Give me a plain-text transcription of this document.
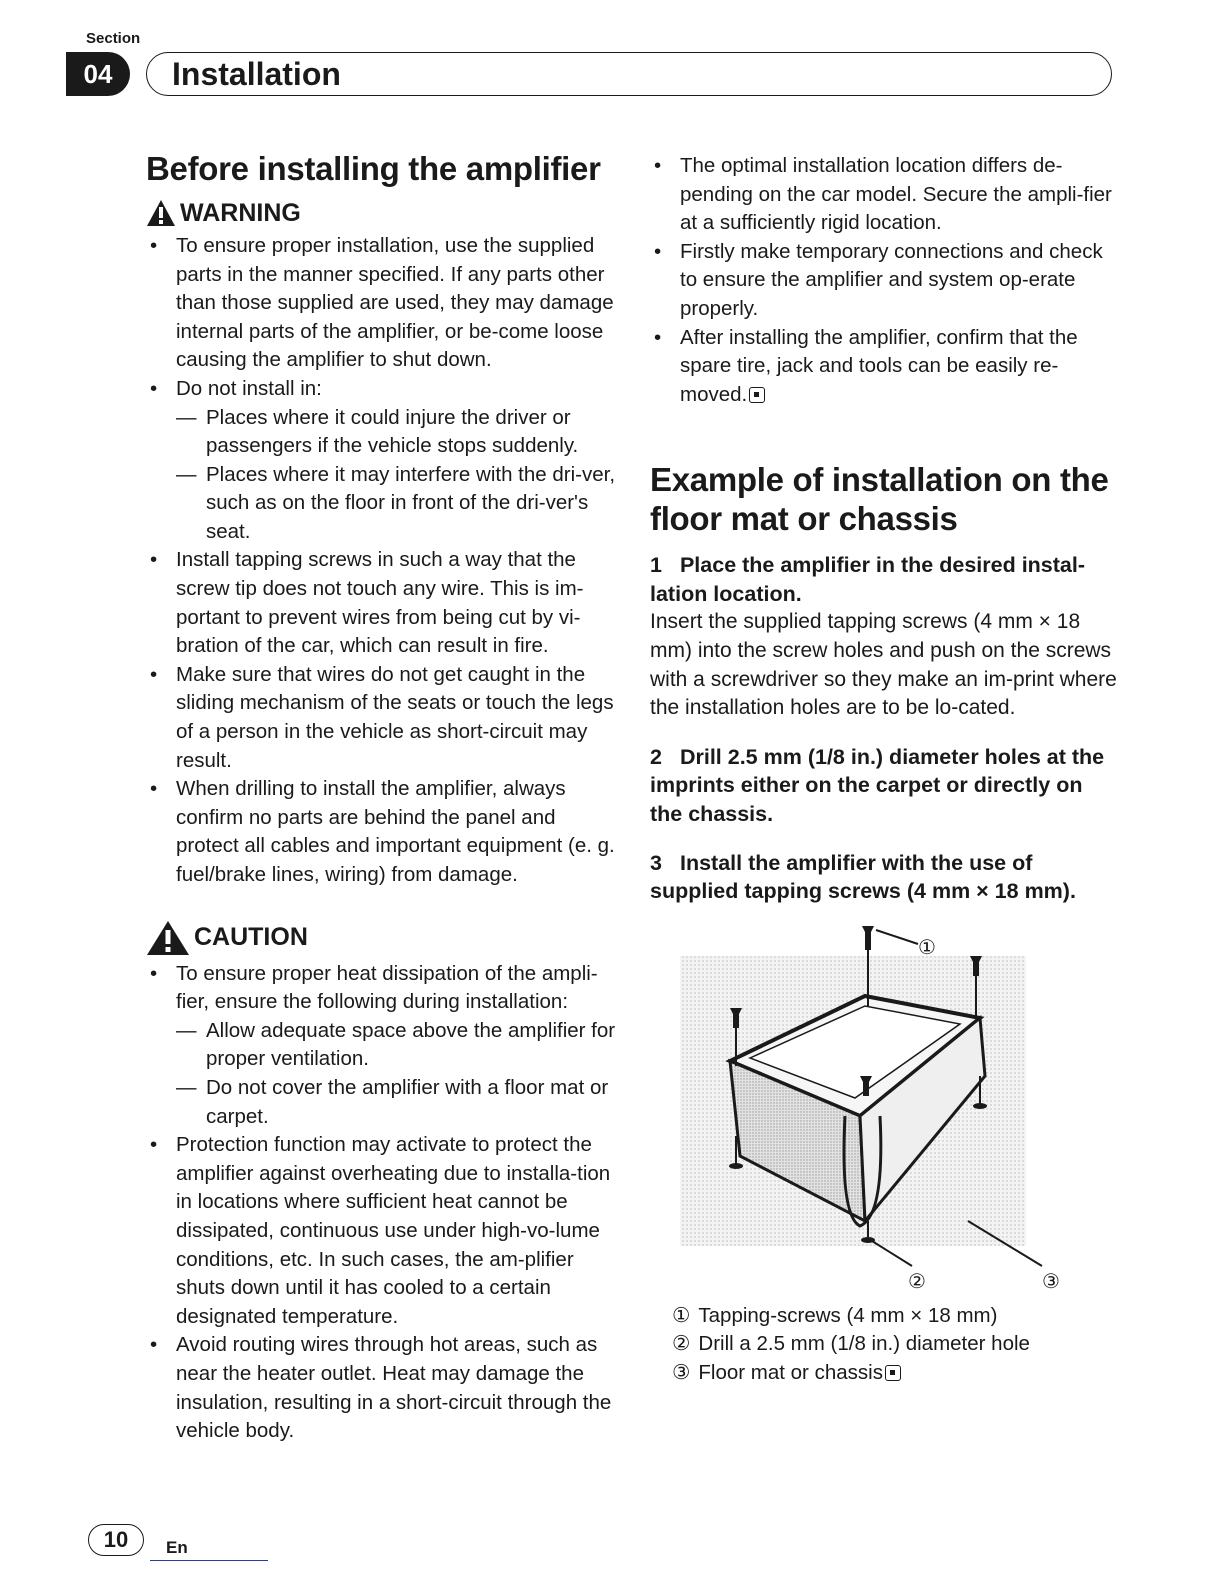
Section
04	Installation
Before installing the amplifier
WARNING
• To ensure proper installation, use the supplied parts in the manner specified. If any parts other than those supplied are used, they may damage internal parts of the amplifier, or be-come loose causing the amplifier to shut down.
• Do not install in:
— Places where it could injure the driver or passengers if the vehicle stops suddenly.
— Places where it may interfere with the dri-ver, such as on the floor in front of the dri-ver's seat.
• Install tapping screws in such a way that the screw tip does not touch any wire. This is im-portant to prevent wires from being cut by vi-bration of the car, which can result in fire.
• Make sure that wires do not get caught in the sliding mechanism of the seats or touch the legs of a person in the vehicle as short-circuit may result.
• When drilling to install the amplifier, always confirm no parts are behind the panel and protect all cables and important equipment (e. g. fuel/brake lines, wiring) from damage.
CAUTION
• To ensure proper heat dissipation of the ampli-fier, ensure the following during installation:
— Allow adequate space above the amplifier for proper ventilation.
— Do not cover the amplifier with a floor mat or carpet.
• Protection function may activate to protect the amplifier against overheating due to installa-tion in locations where sufficient heat cannot be dissipated, continuous use under high-vo-lume conditions, etc. In such cases, the am-plifier shuts down until it has cooled to a certain designated temperature.
• Avoid routing wires through hot areas, such as near the heater outlet. Heat may damage the insulation, resulting in a short-circuit through the vehicle body.
• The optimal installation location differs de-pending on the car model. Secure the ampli-fier at a sufficiently rigid location.
• Firstly make temporary connections and check to ensure the amplifier and system op-erate properly.
• After installing the amplifier, confirm that the spare tire, jack and tools can be easily re-moved.
Example of installation on the floor mat or chassis
1 Place the amplifier in the desired instal-lation location.
Insert the supplied tapping screws (4 mm × 18 mm) into the screw holes and push on the screws with a screwdriver so they make an im-print where the installation holes are to be lo-cated.
2 Drill 2.5 mm (1/8 in.) diameter holes at the imprints either on the carpet or directly on the chassis.
3 Install the amplifier with the use of supplied tapping screws (4 mm × 18 mm).
①
②	③
① Tapping-screws (4 mm × 18 mm)
② Drill a 2.5 mm (1/8 in.) diameter hole
③ Floor mat or chassis
10	En
